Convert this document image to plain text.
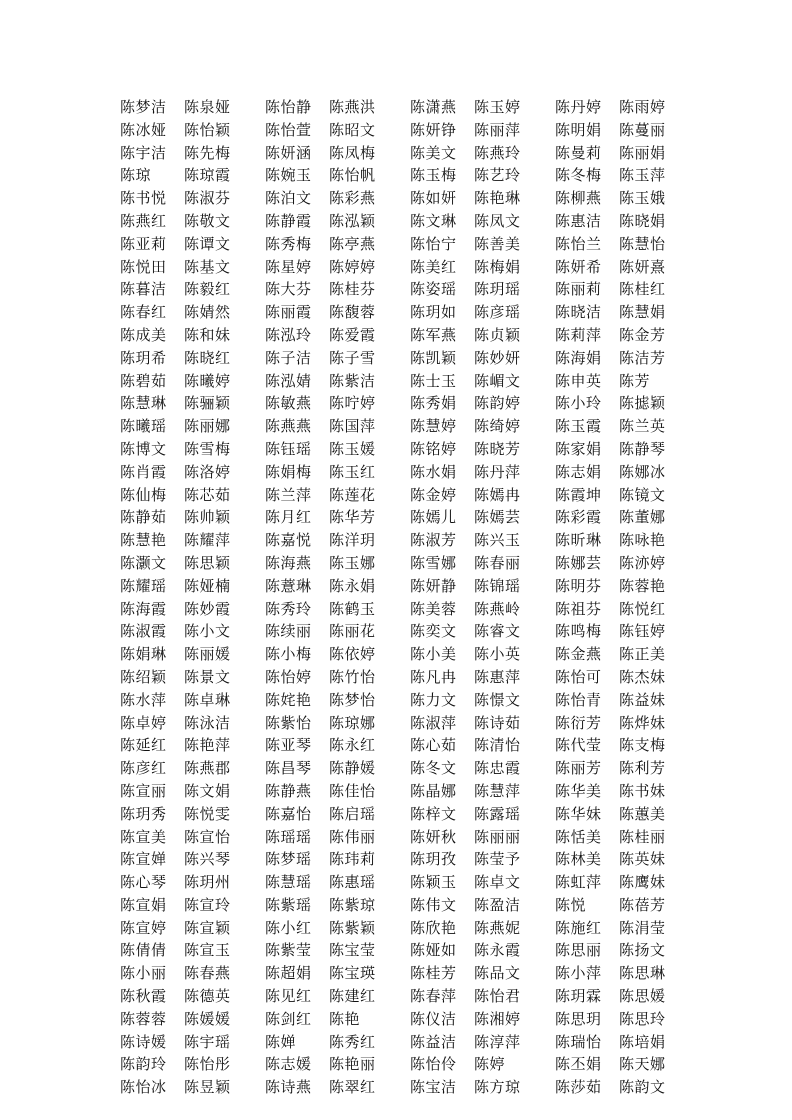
陈梦洁 陈泉娅 陈怡静 陈燕洪 陈潇燕 陈玉婷 陈丹婷 陈雨婷
陈冰娅 陈怡颖 陈怡萱 陈昭文 陈妍铮 陈丽萍 陈明娟 陈蔓丽
陈宇洁 陈先梅 陈妍涵 陈凤梅 陈美文 陈燕玲 陈曼莉 陈丽娟
陈琼 陈琼霞 陈婉玉 陈怡帆 陈玉梅 陈艺玲 陈冬梅 陈玉萍
陈书悦 陈淑芬 陈泊文 陈彩燕 陈如妍 陈艳琳 陈柳燕 陈玉娥
陈燕红 陈敬文 陈静霞 陈泓颖 陈文琳 陈凤文 陈惠洁 陈晓娟
陈亚莉 陈谭文 陈秀梅 陈亭燕 陈怡宁 陈善美 陈怡兰 陈慧怡
陈悦田 陈基文 陈星婷 陈婷婷 陈美红 陈梅娟 陈妍希 陈妍熹
陈暮洁 陈毅红 陈大芬 陈桂芬 陈姿瑶 陈玥瑶 陈丽莉 陈桂红
陈春红 陈婧然 陈丽霞 陈馥蓉 陈玥如 陈彦瑶 陈晓洁 陈慧娟
陈成美 陈和妹 陈泓玲 陈爱霞 陈军燕 陈贞颖 陈莉萍 陈金芳
陈玥希 陈晓红 陈子洁 陈子雪 陈凯颖 陈妙妍 陈海娟 陈洁芳
陈碧茹 陈曦婷 陈泓婧 陈紫洁 陈士玉 陈嵋文 陈申英 陈芳
陈慧琳 陈骊颖 陈敏燕 陈咛婷 陈秀娟 陈韵婷 陈小玲 陈摅颖
陈曦瑶 陈丽娜 陈燕燕 陈国萍 陈慧婷 陈绮婷 陈玉霞 陈兰英
陈博文 陈雪梅 陈钰瑶 陈玉媛 陈铭婷 陈晓芳 陈家娟 陈静琴
陈肖霞 陈洛婷 陈娟梅 陈玉红 陈水娟 陈丹萍 陈志娟 陈娜冰
陈仙梅 陈芯茹 陈兰萍 陈莲花 陈金婷 陈嫣冉 陈霞坤 陈镜文
陈静茹 陈帅颖 陈月红 陈华芳 陈嫣儿 陈嫣芸 陈彩霞 陈董娜
陈慧艳 陈耀萍 陈嘉悦 陈洋玥 陈淑芳 陈兴玉 陈昕琳 陈咏艳
陈灏文 陈思颖 陈海燕 陈玉娜 陈雪娜 陈春丽 陈娜芸 陈洂婷
陈耀瑶 陈娅楠 陈薏琳 陈永娟 陈妍静 陈锦瑶 陈明芬 陈蓉艳
陈海霞 陈妙霞 陈秀玲 陈鹤玉 陈美蓉 陈燕岭 陈祖芬 陈悦红
陈淑霞 陈小文 陈续丽 陈丽花 陈奕文 陈睿文 陈鸣梅 陈钰婷
陈娟琳 陈丽媛 陈小梅 陈依婷 陈小美 陈小英 陈金燕 陈正美
陈绍颖 陈景文 陈怡婷 陈竹怡 陈凡冉 陈惠萍 陈怡可 陈杰妹
陈水萍 陈卓琳 陈姹艳 陈梦怡 陈力文 陈憬文 陈怡青 陈益妹
陈卓婷 陈泳洁 陈紫怡 陈琼娜 陈淑萍 陈诗茹 陈衍芳 陈烨妹
陈延红 陈艳萍 陈亚琴 陈永红 陈心茹 陈清怡 陈代莹 陈支梅
陈彦红 陈燕郡 陈昌琴 陈静媛 陈冬文 陈忠霞 陈丽芳 陈利芳
陈宣丽 陈文娟 陈静燕 陈佳怡 陈晶娜 陈慧萍 陈华美 陈书妹
陈玥秀 陈悦雯 陈嘉怡 陈启瑶 陈梓文 陈露瑶 陈华妹 陈蕙美
陈宣美 陈宣怡 陈瑶瑶 陈伟丽 陈妍秋 陈丽丽 陈恬美 陈桂丽
陈宣婵 陈兴琴 陈梦瑶 陈玮莉 陈玥孜 陈莹予 陈林美 陈英妹
陈心琴 陈玥州 陈慧瑶 陈惠瑶 陈颖玉 陈卓文 陈虹萍 陈鹰妹
陈宣娟 陈宣玲 陈紫瑶 陈紫琼 陈伟文 陈盈洁 陈悦 陈蓓芳
陈宣婷 陈宣颖 陈小红 陈紫颖 陈欣艳 陈燕妮 陈施红 陈涓莹
陈倩倩 陈宣玉 陈紫莹 陈宝莹 陈娅如 陈永霞 陈思丽 陈扬文
陈小丽 陈春燕 陈超娟 陈宝瑛 陈桂芳 陈品文 陈小萍 陈思琳
陈秋霞 陈德英 陈见红 陈建红 陈春萍 陈怡君 陈玥霖 陈思媛
陈蓉蓉 陈媛媛 陈剑红 陈艳	陈仪洁 陈湘婷 陈思玥 陈思玲
陈诗媛 陈宇瑶 陈婵 陈秀红 陈益洁 陈淳萍 陈瑞怡 陈培娟
陈韵玲 陈怡彤 陈志媛 陈艳丽 陈怡伶 陈婷	陈丕娟 陈天娜
陈怡冰 陈昱颖 陈诗燕 陈翠红 陈宝洁 陈方琼 陈莎茹 陈韵文
